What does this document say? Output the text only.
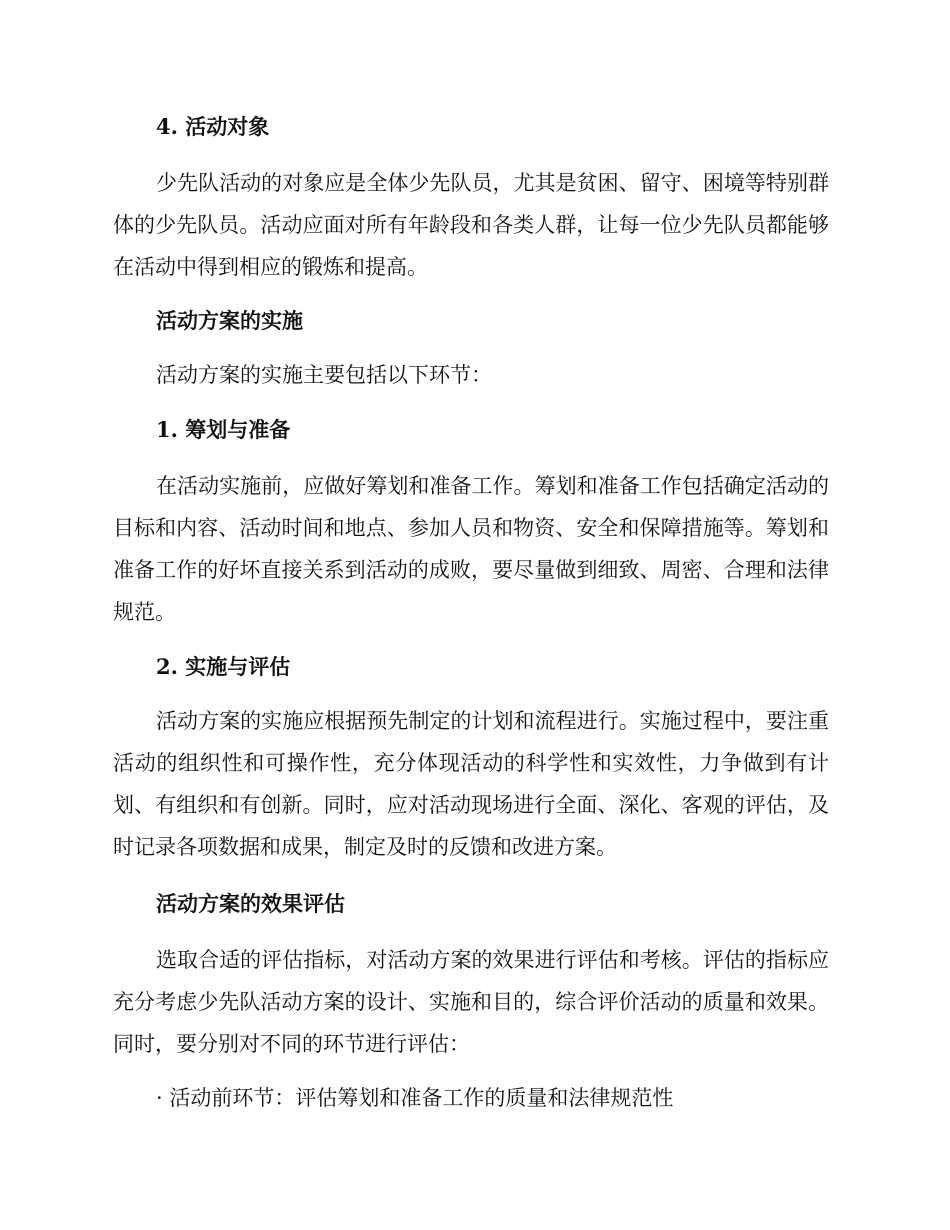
4. 活动对象

少先队活动的对象应是全体少先队员，尤其是贫困、留守、困境等特别群体的少先队员。活动应面对所有年龄段和各类人群，让每一位少先队员都能够在活动中得到相应的锻炼和提高。

活动方案的实施

活动方案的实施主要包括以下环节：

1. 筹划与准备

在活动实施前，应做好筹划和准备工作。筹划和准备工作包括确定活动的目标和内容、活动时间和地点、参加人员和物资、安全和保障措施等。筹划和准备工作的好坏直接关系到活动的成败，要尽量做到细致、周密、合理和法律规范。

2. 实施与评估

活动方案的实施应根据预先制定的计划和流程进行。实施过程中，要注重活动的组织性和可操作性，充分体现活动的科学性和实效性，力争做到有计划、有组织和有创新。同时，应对活动现场进行全面、深化、客观的评估，及时记录各项数据和成果，制定及时的反馈和改进方案。

活动方案的效果评估

选取合适的评估指标，对活动方案的效果进行评估和考核。评估的指标应充分考虑少先队活动方案的设计、实施和目的，综合评价活动的质量和效果。同时，要分别对不同的环节进行评估：

· 活动前环节：评估筹划和准备工作的质量和法律规范性
